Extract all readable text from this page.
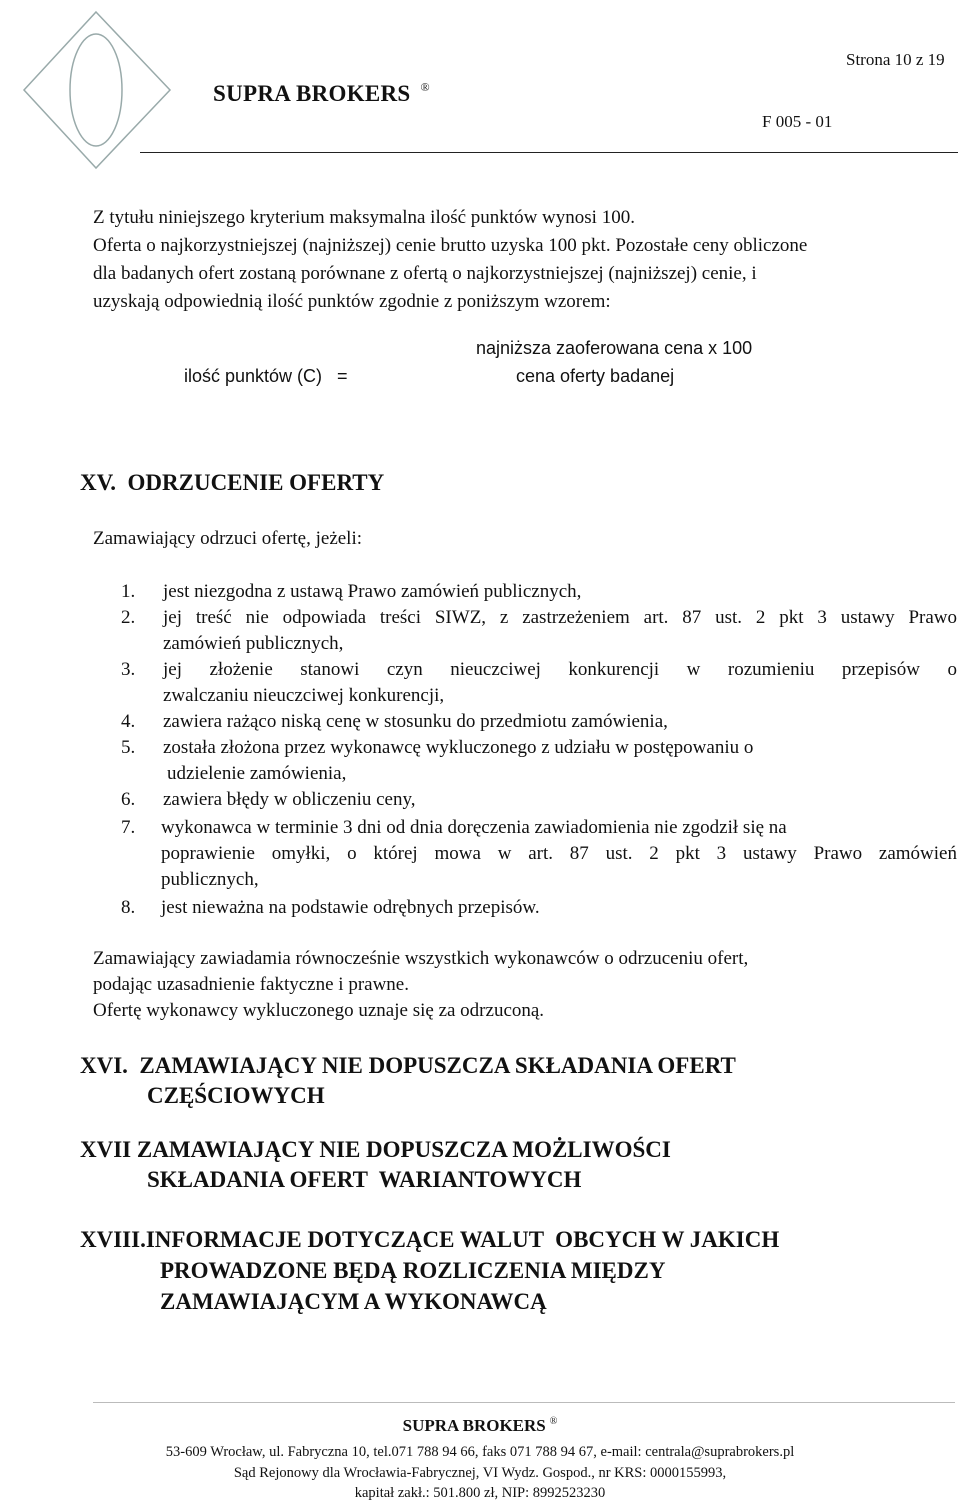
Strona 10 z 19
SUPRA BROKERS ®
F 005 - 01
Z tytułu niniejszego kryterium maksymalna ilość punktów wynosi 100.
Oferta o najkorzystniejszej (najniższej) cenie brutto uzyska 100 pkt. Pozostałe ceny obliczone
dla badanych ofert zostaną porównane z ofertą o najkorzystniejszej (najniższej) cenie, i
uzyskają odpowiednią ilość punktów zgodnie z poniższym wzorem:
ilość punktów (C)   =
najniższa zaoferowana cena x 100
cena oferty badanej
XV.  ODRZUCENIE OFERTY
Zamawiający odrzuci ofertę, jeżeli:
1. jest niezgodna z ustawą Prawo zamówień publicznych,
2. jej treść nie odpowiada treści SIWZ, z zastrzeżeniem art. 87 ust. 2 pkt 3 ustawy Prawo
zamówień publicznych,
3. jej złożenie stanowi czyn nieuczciwej konkurencji w rozumieniu przepisów o
zwalczaniu nieuczciwej konkurencji,
4. zawiera rażąco niską cenę w stosunku do przedmiotu zamówienia,
5. została złożona przez wykonawcę wykluczonego z udziału w postępowaniu o
udzielenie zamówienia,
6. zawiera błędy w obliczeniu ceny,
7. wykonawca w terminie 3 dni od dnia doręczenia zawiadomienia nie zgodził się na
poprawienie omyłki, o której mowa w art. 87 ust. 2 pkt 3 ustawy Prawo zamówień
publicznych,
8. jest nieważna na podstawie odrębnych przepisów.
Zamawiający zawiadamia równocześnie wszystkich wykonawców o odrzuceniu ofert,
podając uzasadnienie faktyczne i prawne.
Ofertę wykonawcy wykluczonego uznaje się za odrzuconą.
XVI.  ZAMAWIAJĄCY NIE DOPUSZCZA SKŁADANIA OFERT
CZĘŚCIOWYCH
XVII ZAMAWIAJĄCY NIE DOPUSZCZA MOŻLIWOŚCI
SKŁADANIA OFERT  WARIANTOWYCH
XVIII.INFORMACJE DOTYCZĄCE WALUT  OBCYCH W JAKICH
PROWADZONE BĘDĄ ROZLICZENIA MIĘDZY
ZAMAWIAJĄCYM A WYKONAWCĄ
SUPRA BROKERS ®
53-609 Wrocław, ul. Fabryczna 10, tel.071 788 94 66, faks 071 788 94 67, e-mail: centrala@suprabrokers.pl
Sąd Rejonowy dla Wrocławia-Fabrycznej, VI Wydz. Gospod., nr KRS: 0000155993,
kapitał zakł.: 501.800 zł, NIP: 8992523230
